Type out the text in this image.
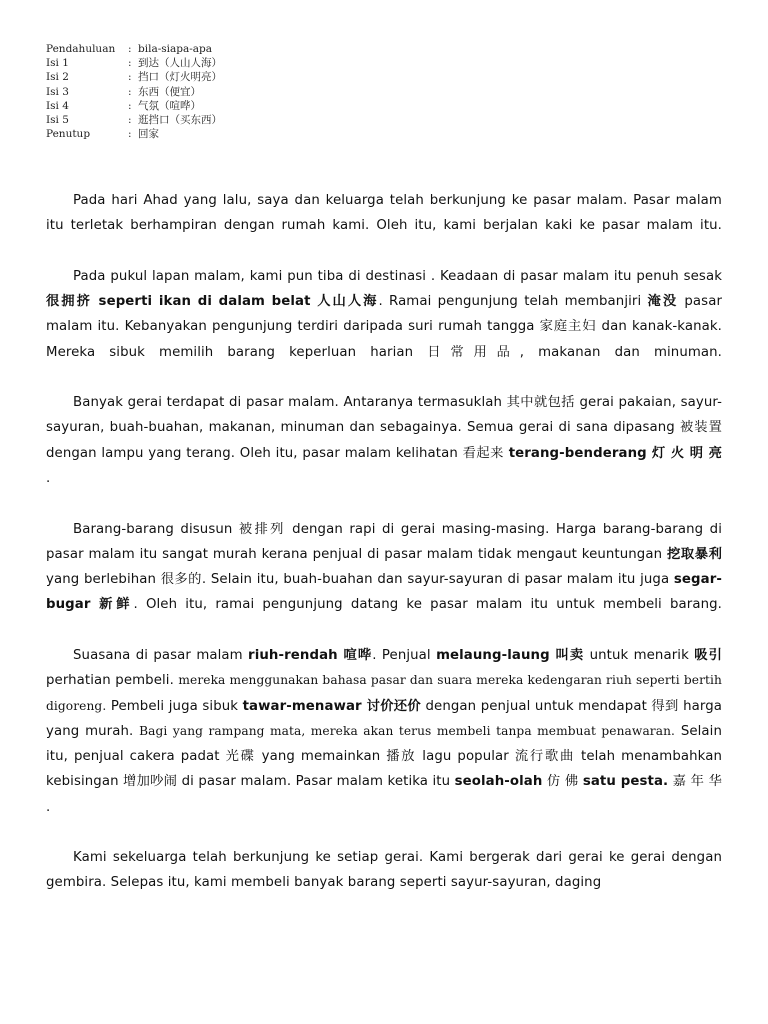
Pendahuluan : bila-siapa-apa
Isi 1	: 到达（人山人海）
Isi 2	: 挡口（灯火明亮）
Isi 3	: 东西（便宜）
Isi 4	: 气氛（喧哗）
Isi 5	: 逛挡口（买东西）
Penutup	: 回家

Pada hari Ahad yang lalu, saya dan keluarga telah berkunjung ke pasar malam. Pasar malam itu terletak berhampiran dengan rumah kami. Oleh itu, kami berjalan kaki ke pasar malam itu.

Pada pukul lapan malam, kami pun tiba di destinasi . Keadaan di pasar malam itu penuh sesak 很拥挤 seperti ikan di dalam belat 人山人海. Ramai pengunjung telah membanjiri 淹没 pasar malam itu. Kebanyakan pengunjung terdiri daripada suri rumah tangga 家庭主妇 dan kanak-kanak. Mereka sibuk memilih barang keperluan harian 日常用品, makanan dan minuman.

Banyak gerai terdapat di pasar malam. Antaranya termasuklah 其中就包括 gerai pakaian, sayur-sayuran, buah-buahan, makanan, minuman dan sebagainya. Semua gerai di sana dipasang 被装置 dengan lampu yang terang. Oleh itu, pasar malam kelihatan 看起来 terang-benderang 灯 火 明 亮 .

Barang-barang disusun 被排列 dengan rapi di gerai masing-masing. Harga barang-barang di pasar malam itu sangat murah kerana penjual di pasar malam tidak mengaut keuntungan 挖取暴利 yang berlebihan 很多的. Selain itu, buah-buahan dan sayur-sayuran di pasar malam itu juga segar-bugar 新鲜. Oleh itu, ramai pengunjung datang ke pasar malam itu untuk membeli barang.

Suasana di pasar malam riuh-rendah 喧哗. Penjual melaung-laung 叫卖 untuk menarik 吸引 perhatian pembeli. mereka menggunakan bahasa pasar dan suara mereka kedengaran riuh seperti bertih digoreng. Pembeli juga sibuk tawar-menawar 讨价还价 dengan penjual untuk mendapat 得到 harga yang murah. Bagi yang rampang mata, mereka akan terus membeli tanpa membuat penawaran. Selain itu, penjual cakera padat 光碟 yang memainkan 播放 lagu popular 流行歌曲 telah menambahkan kebisingan 增加吵闹 di pasar malam. Pasar malam ketika itu seolah-olah 仿 佛 satu pesta. 嘉 年 华 .

Kami sekeluarga telah berkunjung ke setiap gerai. Kami bergerak dari gerai ke gerai dengan gembira. Selepas itu, kami membeli banyak barang seperti sayur-sayuran, daging
